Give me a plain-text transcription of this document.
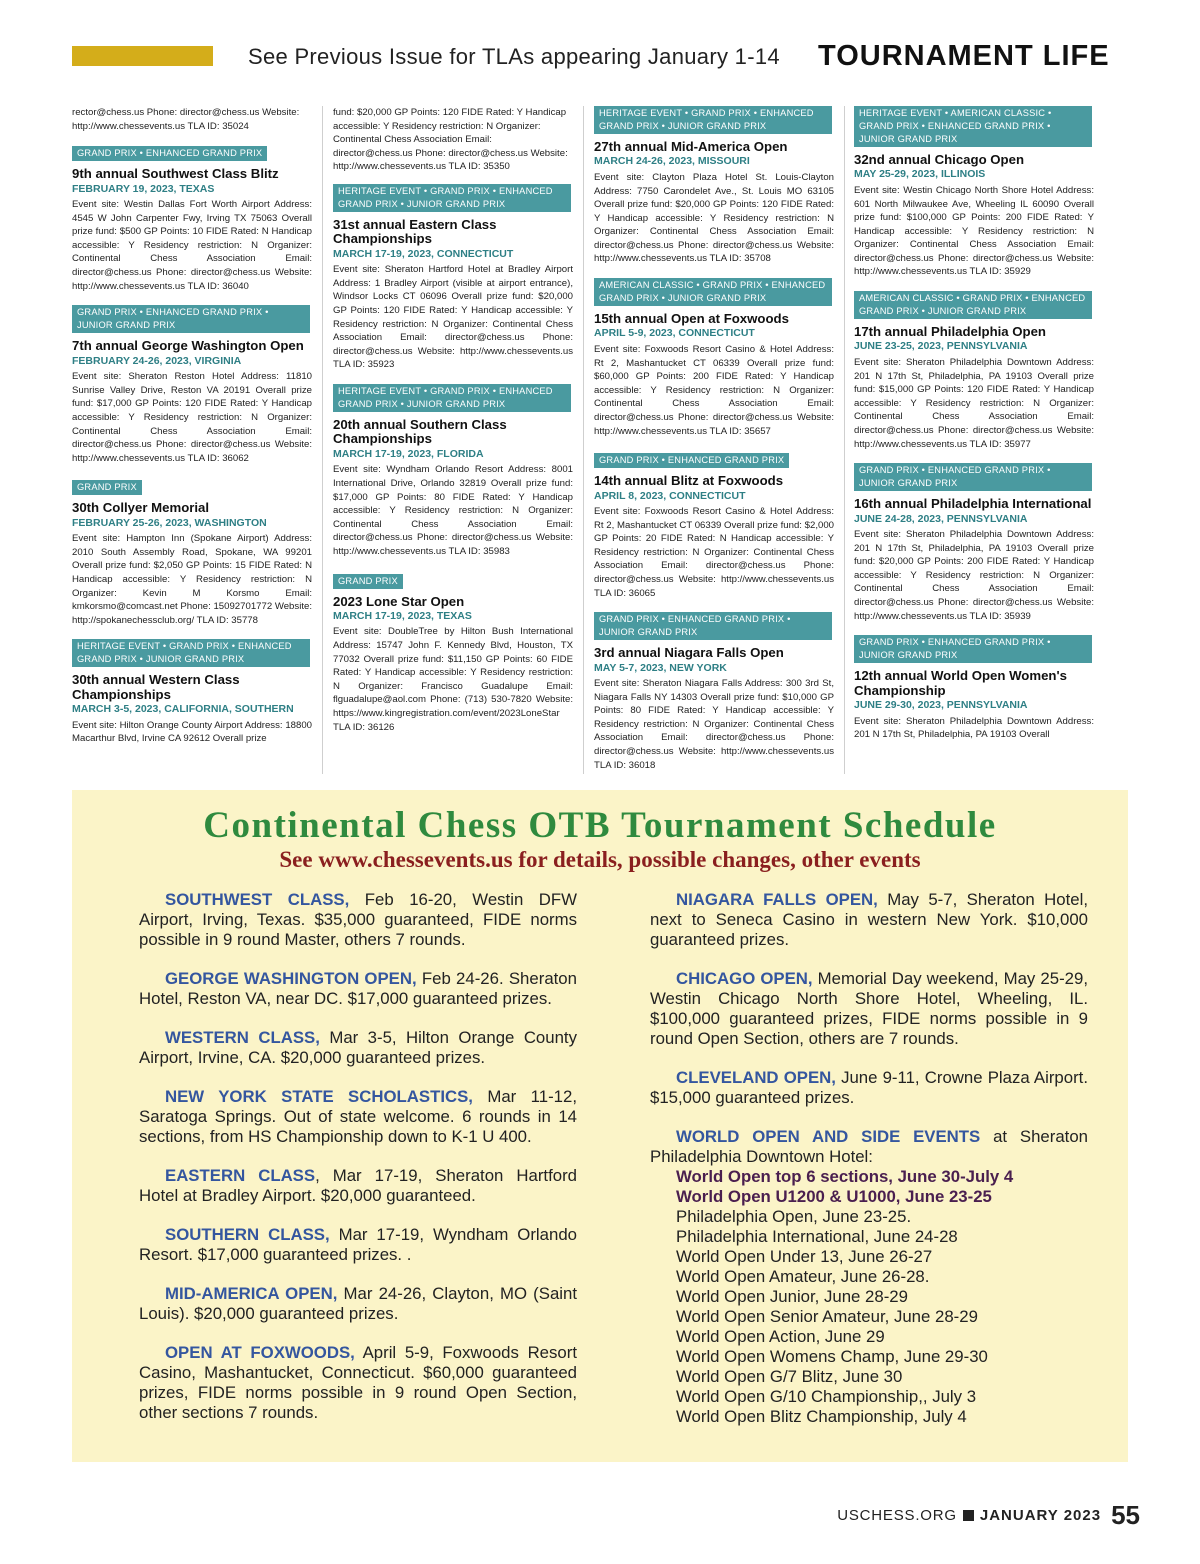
See Previous Issue for TLAs appearing January 1-14 TOURNAMENT LIFE
rector@chess.us Phone: director@chess.us Website: http://www.chessevents.us TLA ID: 35024
GRAND PRIX • ENHANCED GRAND PRIX
9th annual Southwest Class Blitz
FEBRUARY 19, 2023, TEXAS
Event site: Westin Dallas Fort Worth Airport Address: 4545 W John Carpenter Fwy, Irving TX 75063 Overall prize fund: $500 GP Points: 10 FIDE Rated: N Handicap accessible: Y Residency restriction: N Organizer: Continental Chess Association Email: director@chess.us Phone: director@chess.us Website: http://www.chessevents.us TLA ID: 36040
GRAND PRIX • ENHANCED GRAND PRIX • JUNIOR GRAND PRIX
7th annual George Washington Open
FEBRUARY 24-26, 2023, VIRGINIA
Event site: Sheraton Reston Hotel Address: 11810 Sunrise Valley Drive, Reston VA 20191 Overall prize fund: $17,000 GP Points: 120 FIDE Rated: Y Handicap accessible: Y Residency restriction: N Organizer: Continental Chess Association Email: director@chess.us Phone: director@chess.us Website: http://www.chessevents.us TLA ID: 36062
GRAND PRIX
30th Collyer Memorial
FEBRUARY 25-26, 2023, WASHINGTON
Event site: Hampton Inn (Spokane Airport) Address: 2010 South Assembly Road, Spokane, WA 99201 Overall prize fund: $2,050 GP Points: 15 FIDE Rated: N Handicap accessible: Y Residency restriction: N Organizer: Kevin M Korsmo Email: kmkorsmo@comcast.net Phone: 15092701772 Website: http://spokanechessclub.org/ TLA ID: 35778
HERITAGE EVENT • GRAND PRIX • ENHANCED GRAND PRIX • JUNIOR GRAND PRIX
30th annual Western Class Championships
MARCH 3-5, 2023, CALIFORNIA, SOUTHERN
Event site: Hilton Orange County Airport Address: 18800 Macarthur Blvd, Irvine CA 92612 Overall prize
fund: $20,000 GP Points: 120 FIDE Rated: Y Handicap accessible: Y Residency restriction: N Organizer: Continental Chess Association Email: director@chess.us Phone: director@chess.us Website: http://www.chessevents.us TLA ID: 35350
HERITAGE EVENT • GRAND PRIX • ENHANCED GRAND PRIX • JUNIOR GRAND PRIX
31st annual Eastern Class Championships
MARCH 17-19, 2023, CONNECTICUT
Event site: Sheraton Hartford Hotel at Bradley Airport Address: 1 Bradley Airport (visible at airport entrance), Windsor Locks CT 06096 Overall prize fund: $20,000 GP Points: 120 FIDE Rated: Y Handicap accessible: Y Residency restriction: N Organizer: Continental Chess Association Email: director@chess.us Phone: director@chess.us Website: http://www.chessevents.us TLA ID: 35923
HERITAGE EVENT • GRAND PRIX • ENHANCED GRAND PRIX • JUNIOR GRAND PRIX
20th annual Southern Class Championships
MARCH 17-19, 2023, FLORIDA
Event site: Wyndham Orlando Resort Address: 8001 International Drive, Orlando 32819 Overall prize fund: $17,000 GP Points: 80 FIDE Rated: Y Handicap accessible: Y Residency restriction: N Organizer: Continental Chess Association Email: director@chess.us Phone: director@chess.us Website: http://www.chessevents.us TLA ID: 35983
GRAND PRIX
2023 Lone Star Open
MARCH 17-19, 2023, TEXAS
Event site: DoubleTree by Hilton Bush International Address: 15747 John F. Kennedy Blvd, Houston, TX 77032 Overall prize fund: $11,150 GP Points: 60 FIDE Rated: Y Handicap accessible: Y Residency restriction: N Organizer: Francisco Guadalupe Email: flguadalupe@aol.com Phone: (713) 530-7820 Website: https://www.kingregistration.com/event/2023LoneStar TLA ID: 36126
HERITAGE EVENT • GRAND PRIX • ENHANCED GRAND PRIX • JUNIOR GRAND PRIX
27th annual Mid-America Open
MARCH 24-26, 2023, MISSOURI
Event site: Clayton Plaza Hotel St. Louis-Clayton Address: 7750 Carondelet Ave., St. Louis MO 63105 Overall prize fund: $20,000 GP Points: 120 FIDE Rated: Y Handicap accessible: Y Residency restriction: N Organizer: Continental Chess Association Email: director@chess.us Phone: director@chess.us Website: http://www.chessevents.us TLA ID: 35708
AMERICAN CLASSIC • GRAND PRIX • ENHANCED GRAND PRIX • JUNIOR GRAND PRIX
15th annual Open at Foxwoods
APRIL 5-9, 2023, CONNECTICUT
Event site: Foxwoods Resort Casino & Hotel Address: Rt 2, Mashantucket CT 06339 Overall prize fund: $60,000 GP Points: 200 FIDE Rated: Y Handicap accessible: Y Residency restriction: N Organizer: Continental Chess Association Email: director@chess.us Phone: director@chess.us Website: http://www.chessevents.us TLA ID: 35657
GRAND PRIX • ENHANCED GRAND PRIX
14th annual Blitz at Foxwoods
APRIL 8, 2023, CONNECTICUT
Event site: Foxwoods Resort Casino & Hotel Address: Rt 2, Mashantucket CT 06339 Overall prize fund: $2,000 GP Points: 20 FIDE Rated: N Handicap accessible: Y Residency restriction: N Organizer: Continental Chess Association Email: director@chess.us Phone: director@chess.us Website: http://www.chessevents.us TLA ID: 36065
GRAND PRIX • ENHANCED GRAND PRIX • JUNIOR GRAND PRIX
3rd annual Niagara Falls Open
MAY 5-7, 2023, NEW YORK
Event site: Sheraton Niagara Falls Address: 300 3rd St, Niagara Falls NY 14303 Overall prize fund: $10,000 GP Points: 80 FIDE Rated: Y Handicap accessible: Y Residency restriction: N Organizer: Continental Chess Association Email: director@chess.us Phone: director@chess.us Website: http://www.chessevents.us TLA ID: 36018
HERITAGE EVENT • AMERICAN CLASSIC • GRAND PRIX • ENHANCED GRAND PRIX • JUNIOR GRAND PRIX
32nd annual Chicago Open
MAY 25-29, 2023, ILLINOIS
Event site: Westin Chicago North Shore Hotel Address: 601 North Milwaukee Ave, Wheeling IL 60090 Overall prize fund: $100,000 GP Points: 200 FIDE Rated: Y Handicap accessible: Y Residency restriction: N Organizer: Continental Chess Association Email: director@chess.us Phone: director@chess.us Website: http://www.chessevents.us TLA ID: 35929
AMERICAN CLASSIC • GRAND PRIX • ENHANCED GRAND PRIX • JUNIOR GRAND PRIX
17th annual Philadelphia Open
JUNE 23-25, 2023, PENNSYLVANIA
Event site: Sheraton Philadelphia Downtown Address: 201 N 17th St, Philadelphia, PA 19103 Overall prize fund: $15,000 GP Points: 120 FIDE Rated: Y Handicap accessible: Y Residency restriction: N Organizer: Continental Chess Association Email: director@chess.us Phone: director@chess.us Website: http://www.chessevents.us TLA ID: 35977
GRAND PRIX • ENHANCED GRAND PRIX • JUNIOR GRAND PRIX
16th annual Philadelphia International
JUNE 24-28, 2023, PENNSYLVANIA
Event site: Sheraton Philadelphia Downtown Address: 201 N 17th St, Philadelphia, PA 19103 Overall prize fund: $20,000 GP Points: 200 FIDE Rated: Y Handicap accessible: Y Residency restriction: N Organizer: Continental Chess Association Email: director@chess.us Phone: director@chess.us Website: http://www.chessevents.us TLA ID: 35939
GRAND PRIX • ENHANCED GRAND PRIX • JUNIOR GRAND PRIX
12th annual World Open Women's Championship
JUNE 29-30, 2023, PENNSYLVANIA
Event site: Sheraton Philadelphia Downtown Address: 201 N 17th St, Philadelphia, PA 19103 Overall
Continental Chess OTB Tournament Schedule
See www.chessevents.us for details, possible changes, other events
SOUTHWEST CLASS, Feb 16-20, Westin DFW Airport, Irving, Texas. $35,000 guaranteed, FIDE norms possible in 9 round Master, others 7 rounds.
GEORGE WASHINGTON OPEN, Feb 24-26. Sheraton Hotel, Reston VA, near DC. $17,000 guaranteed prizes.
WESTERN CLASS, Mar 3-5, Hilton Orange County Airport, Irvine, CA. $20,000 guaranteed prizes.
NEW YORK STATE SCHOLASTICS, Mar 11-12, Saratoga Springs. Out of state welcome. 6 rounds in 14 sections, from HS Championship down to K-1 U 400.
EASTERN CLASS, Mar 17-19, Sheraton Hartford Hotel at Bradley Airport. $20,000 guaranteed.
SOUTHERN CLASS, Mar 17-19, Wyndham Orlando Resort. $17,000 guaranteed prizes. .
MID-AMERICA OPEN, Mar 24-26, Clayton, MO (Saint Louis). $20,000 guaranteed prizes.
OPEN AT FOXWOODS, April 5-9, Foxwoods Resort Casino, Mashantucket, Connecticut. $60,000 guaranteed prizes, FIDE norms possible in 9 round Open Section, other sections 7 rounds.
NIAGARA FALLS OPEN, May 5-7, Sheraton Hotel, next to Seneca Casino in western New York. $10,000 guaranteed prizes.
CHICAGO OPEN, Memorial Day weekend, May 25-29, Westin Chicago North Shore Hotel, Wheeling, IL. $100,000 guaranteed prizes, FIDE norms possible in 9 round Open Section, others are 7 rounds.
CLEVELAND OPEN, June 9-11, Crowne Plaza Airport. $15,000 guaranteed prizes.
WORLD OPEN AND SIDE EVENTS at Sheraton Philadelphia Downtown Hotel:
World Open top 6 sections, June 30-July 4
World Open U1200 & U1000, June 23-25
Philadelphia Open, June 23-25.
Philadelphia International, June 24-28
World Open Under 13, June 26-27
World Open Amateur, June 26-28.
World Open Junior, June 28-29
World Open Senior Amateur, June 28-29
World Open Action, June 29
World Open Womens Champ, June 29-30
World Open G/7 Blitz, June 30
World Open G/10 Championship,, July 3
World Open Blitz Championship, July 4
USCHESS.ORG JANUARY 2023 55
